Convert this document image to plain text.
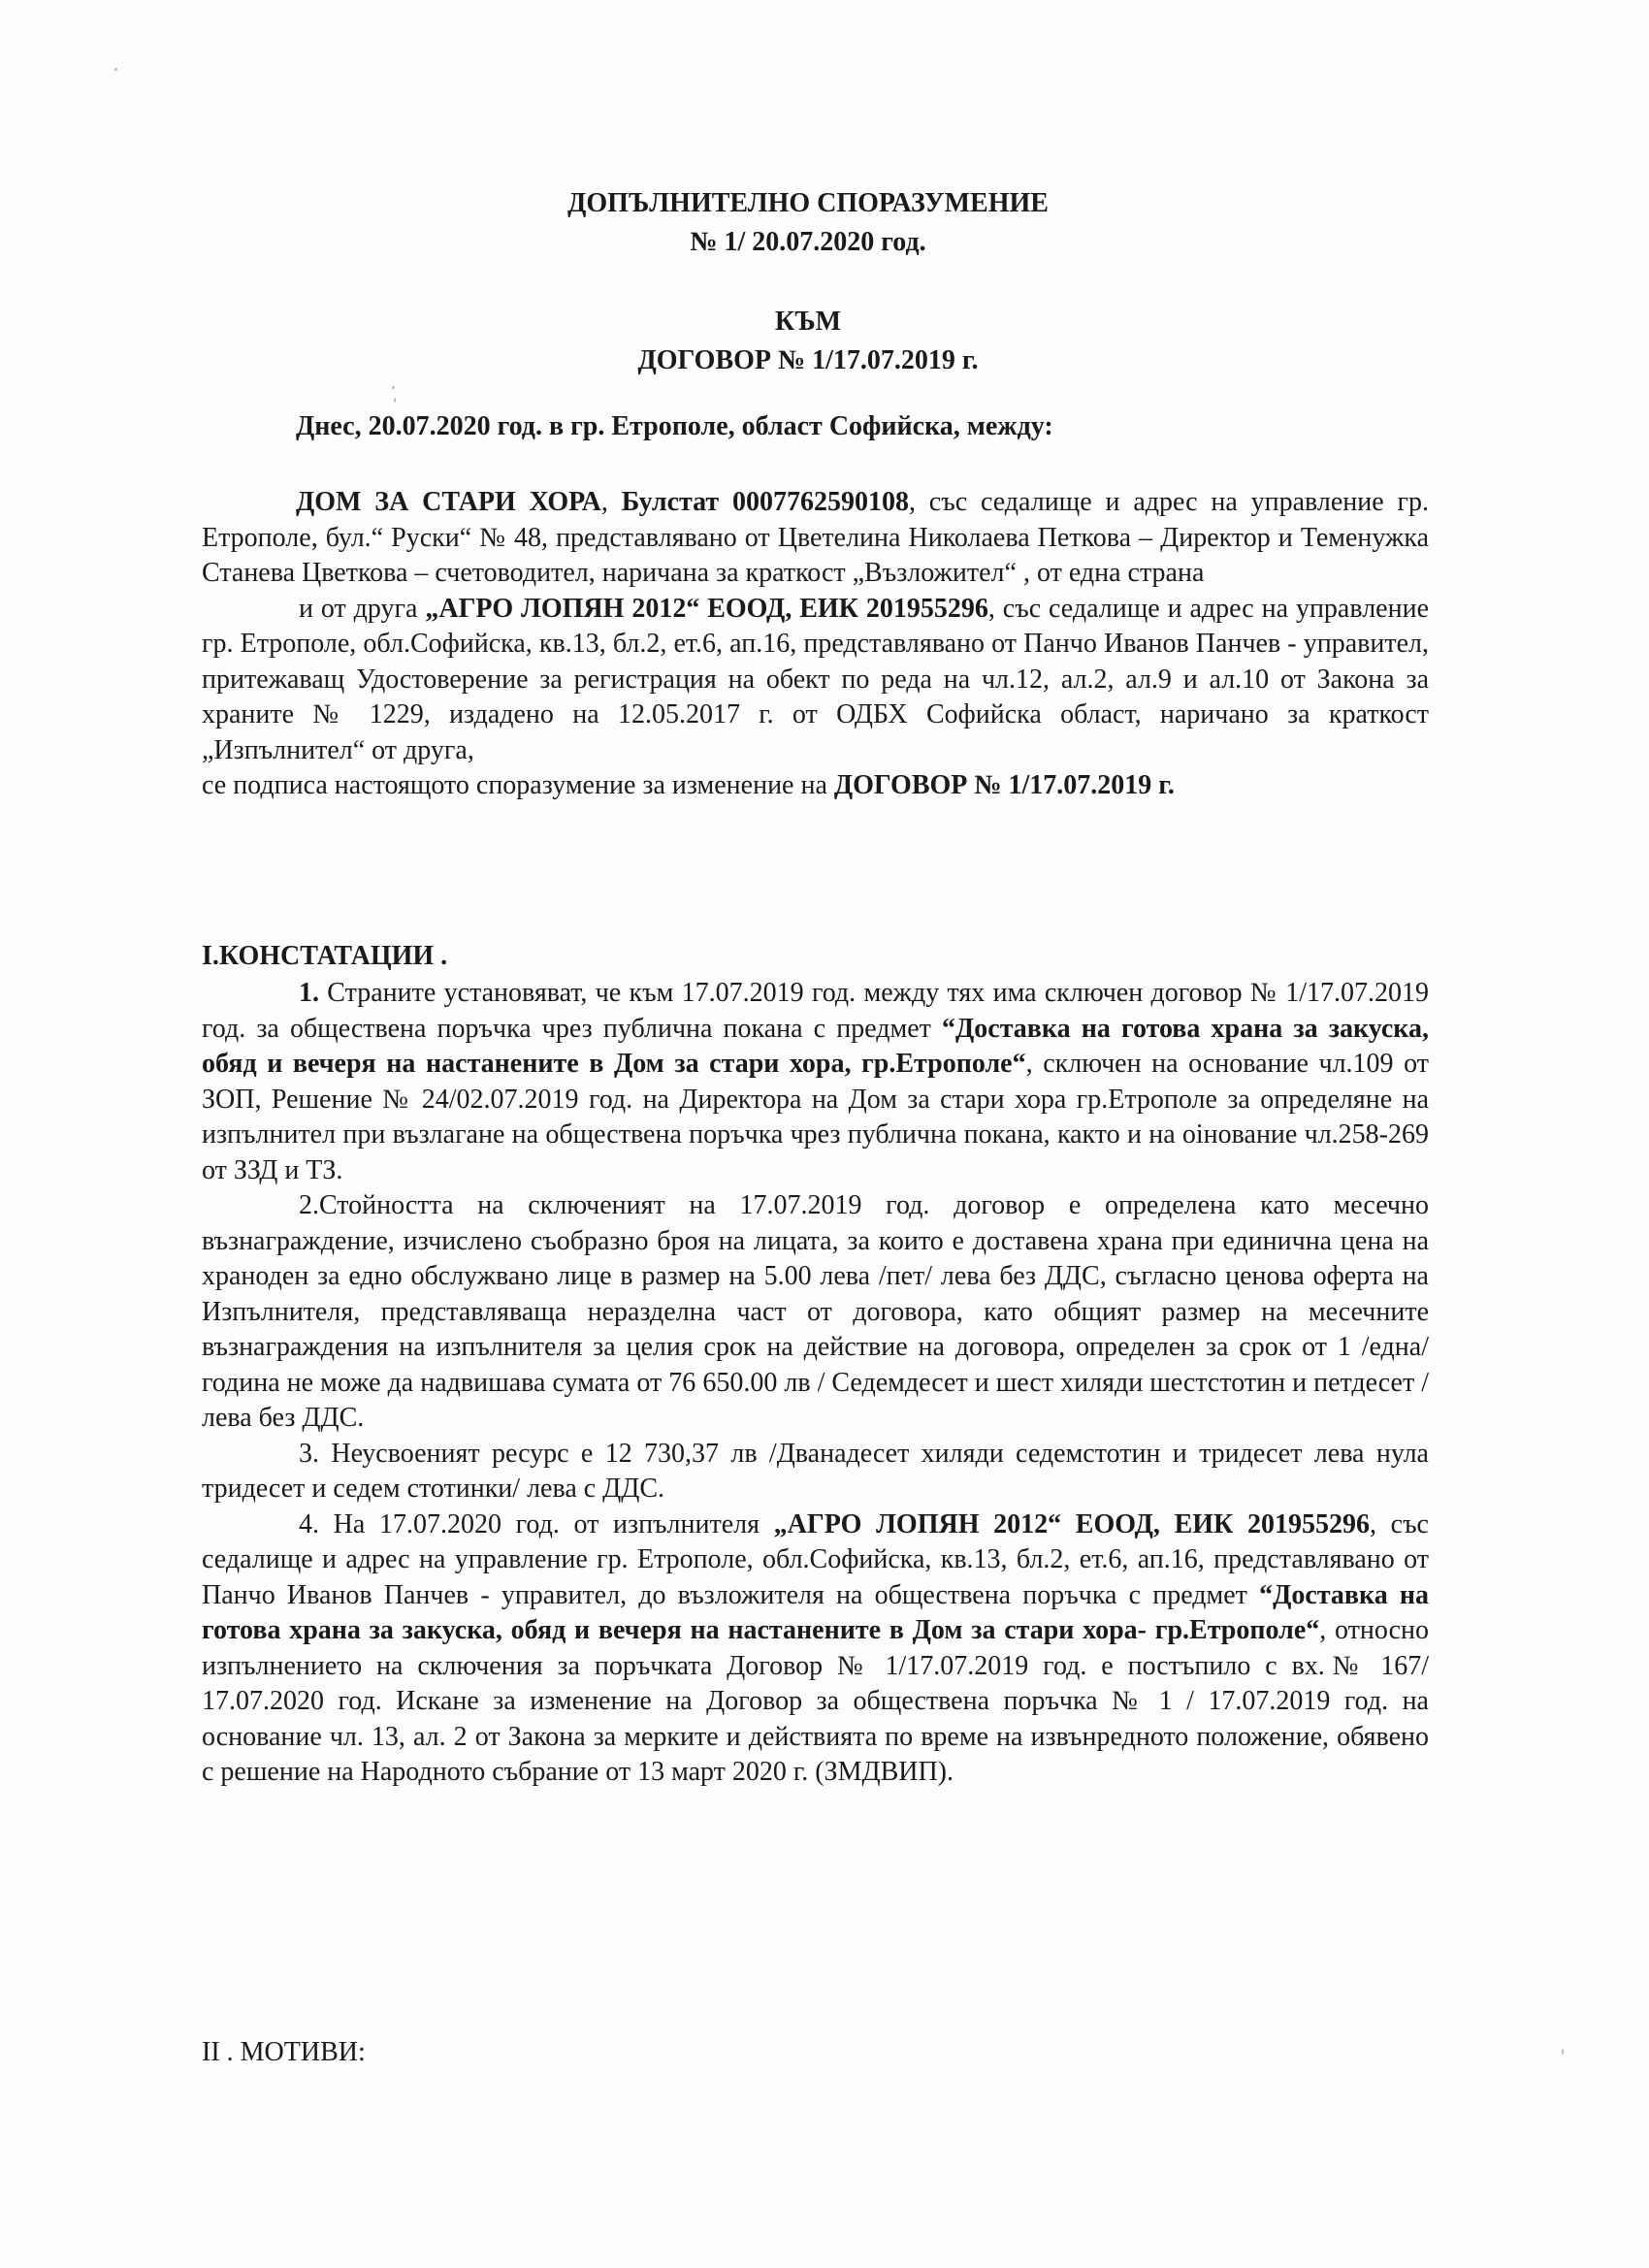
ДОПЪЛНИТЕЛНО СПОРАЗУМЕНИЕ
№ 1/ 20.07.2020 год.
КЪМ
ДОГОВОР № 1/17.07.2019 г.
Днес, 20.07.2020 год. в гр. Етрополе, област Софийска, между:

ДОМ ЗА СТАРИ ХОРА, Булстат 0007762590108, със седалище и адрес на управление гр. Етрополе, бул.“ Руски“ № 48, представлявано от Цветелина Николаева Петкова – Директор и Теменужка Станева Цветкова – счетоводител, наричана за краткост „Възложител“ , от една страна

и от друга „АГРО ЛОПЯН 2012“ ЕООД, ЕИК 201955296, със седалище и адрес на управление гр. Етрополе, обл.Софийска, кв.13, бл.2, ет.6, ап.16, представлявано от Панчо Иванов Панчев - управител, притежаващ Удостоверение за регистрация на обект по реда на чл.12, ал.2, ал.9 и ал.10 от Закона за храните № 1229, издадено на 12.05.2017 г. от ОДБХ Софийска област, наричано за краткост „Изпълнител“ от друга,

се подписа настоящото споразумение за изменение на ДОГОВОР № 1/17.07.2019 г.

I.КОНСТАТАЦИИ .

1. Страните установяват, че към 17.07.2019 год. между тях има сключен договор № 1/17.07.2019 год. за обществена поръчка чрез публична покана с предмет “Доставка на готова храна за закуска, обяд и вечеря на настанените в Дом за стари хора, гр.Етрополе“, сключен на основание чл.109 от ЗОП, Решение № 24/02.07.2019 год. на Директора на Дом за стари хора гр.Етрополе за определяне на изпълнител при възлагане на обществена поръчка чрез публична покана, както и на оiнование чл.258-269 от ЗЗД и ТЗ.

2.Стойността на сключеният на 17.07.2019 год. договор е определена като месечно възнаграждение, изчислено съобразно броя на лицата, за които е доставена храна при единична цена на храноден за едно обслужвано лице в размер на 5.00 лева /пет/ лева без ДДС, съгласно ценова оферта на Изпълнителя, представляваща неразделна част от договора, като общият размер на месечните възнаграждения на изпълнителя за целия срок на действие на договора, определен за срок от 1 /една/ година не може да надвишава сумата от 76 650.00 лв / Седемдесет и шест хиляди шестстотин и петдесет /лева без ДДС.

3. Неусвоеният ресурс е 12 730,37 лв /Дванадесет хиляди седемстотин и тридесет лева нула тридесет и седем стотинки/ лева с ДДС.

4. На 17.07.2020 год. от изпълнителя „АГРО ЛОПЯН 2012“ ЕООД, ЕИК 201955296, със седалище и адрес на управление гр. Етрополе, обл.Софийска, кв.13, бл.2, ет.6, ап.16, представлявано от Панчо Иванов Панчев - управител, до възложителя на обществена поръчка с предмет “Доставка на готова храна за закуска, обяд и вечеря на настанените в Дом за стари хора- гр.Етрополе“, относно изпълнението на сключения за поръчката Договор № 1/17.07.2019 год. е постъпило с вх.№ 167/ 17.07.2020 год. Искане за изменение на Договор за обществена поръчка № 1 / 17.07.2019 год. на основание чл. 13, ал. 2 от Закона за мерките и действията по време на извънредното положение, обявено с решение на Народното събрание от 13 март 2020 г. (ЗМДВИП).

II . МОТИВИ:
